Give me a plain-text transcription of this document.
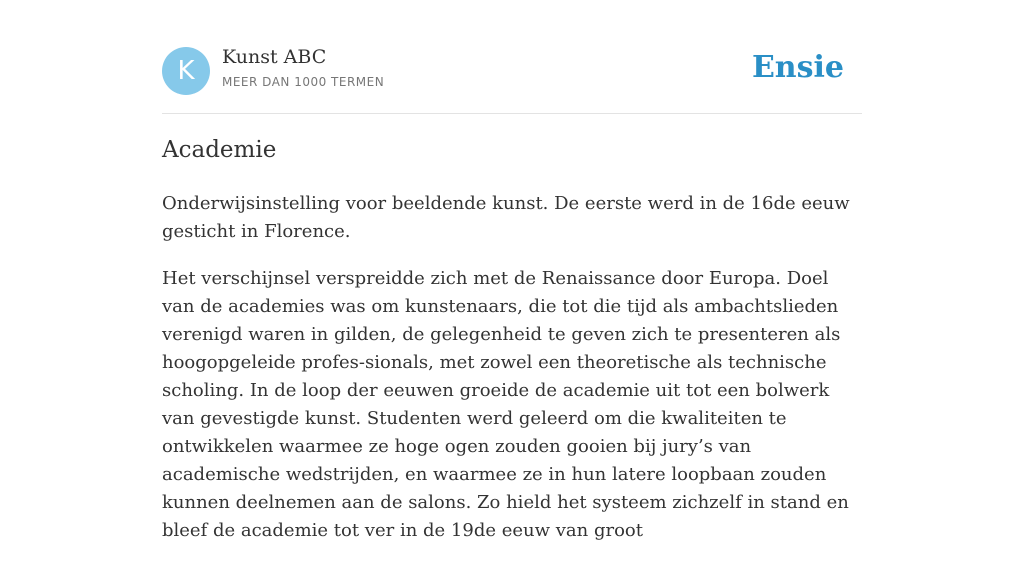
K	Kunst ABC
MEER DAN 1000 TERMEN	Ensie
Academie

Onderwijsinstelling voor beeldende kunst. De eerste werd in de 16de eeuw gesticht in Florence.

Het verschijnsel verspreidde zich met de Renaissance door Europa. Doel van de academies was om kunstenaars, die tot die tijd als ambachtslieden verenigd waren in gilden, de gelegenheid te geven zich te presenteren als hoogopgeleide profes-sionals, met zowel een theoretische als technische scholing. In de loop der eeuwen groeide de academie uit tot een bolwerk van gevestigde kunst. Studenten werd geleerd om die kwaliteiten te ontwikkelen waarmee ze hoge ogen zouden gooien bij jury’s van academische wedstrijden, en waarmee ze in hun latere loopbaan zouden kunnen deelnemen aan de salons. Zo hield het systeem zichzelf in stand en bleef de academie tot ver in de 19de eeuw van groot
